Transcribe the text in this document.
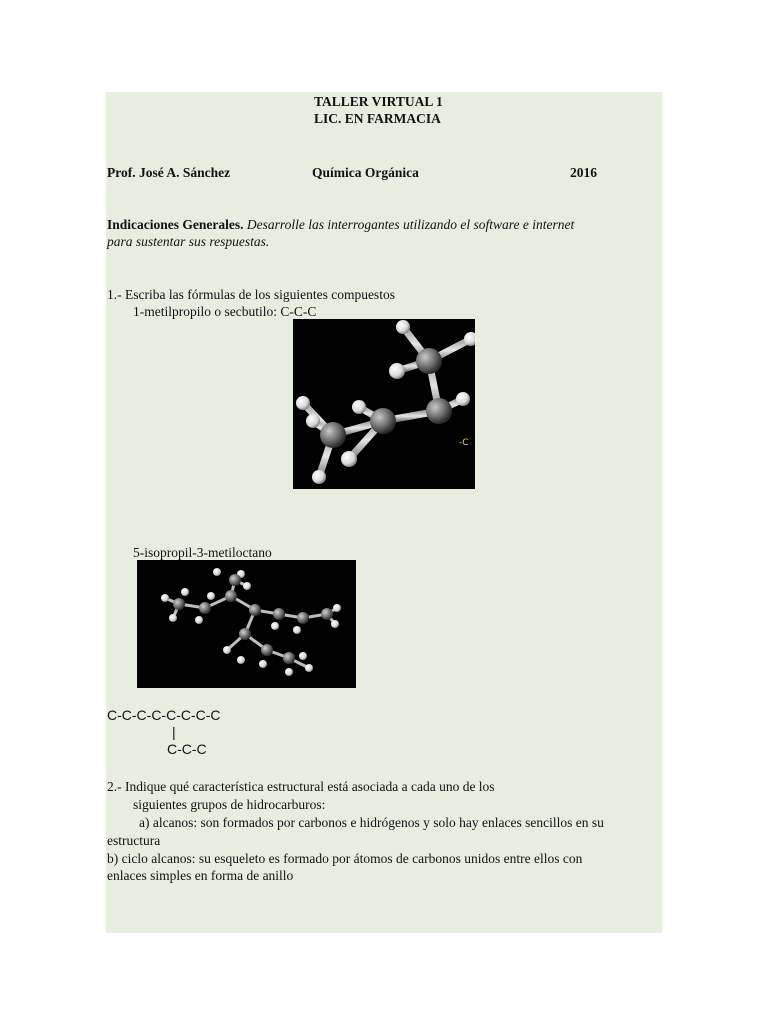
TALLER VIRTUAL 1
LIC. EN FARMACIA
Prof. José A. Sánchez	Química Orgánica	2016
Indicaciones Generales. Desarrolle las interrogantes utilizando el software e internet
para sustentar sus respuestas.
1.- Escriba las fórmulas de los siguientes compuestos
1-metilpropilo o secbutilo: C-C-C
-C
5-isopropil-3-metiloctano
C-C-C-C-C-C-C-C
|
C-C-C
2.- Indique qué característica estructural está asociada a cada uno de los
siguientes grupos de hidrocarburos:
a) alcanos: son formados por carbonos e hidrógenos y solo hay enlaces sencillos en su
estructura
b) ciclo alcanos: su esqueleto es formado por átomos de carbonos unidos entre ellos con
enlaces simples en forma de anillo
